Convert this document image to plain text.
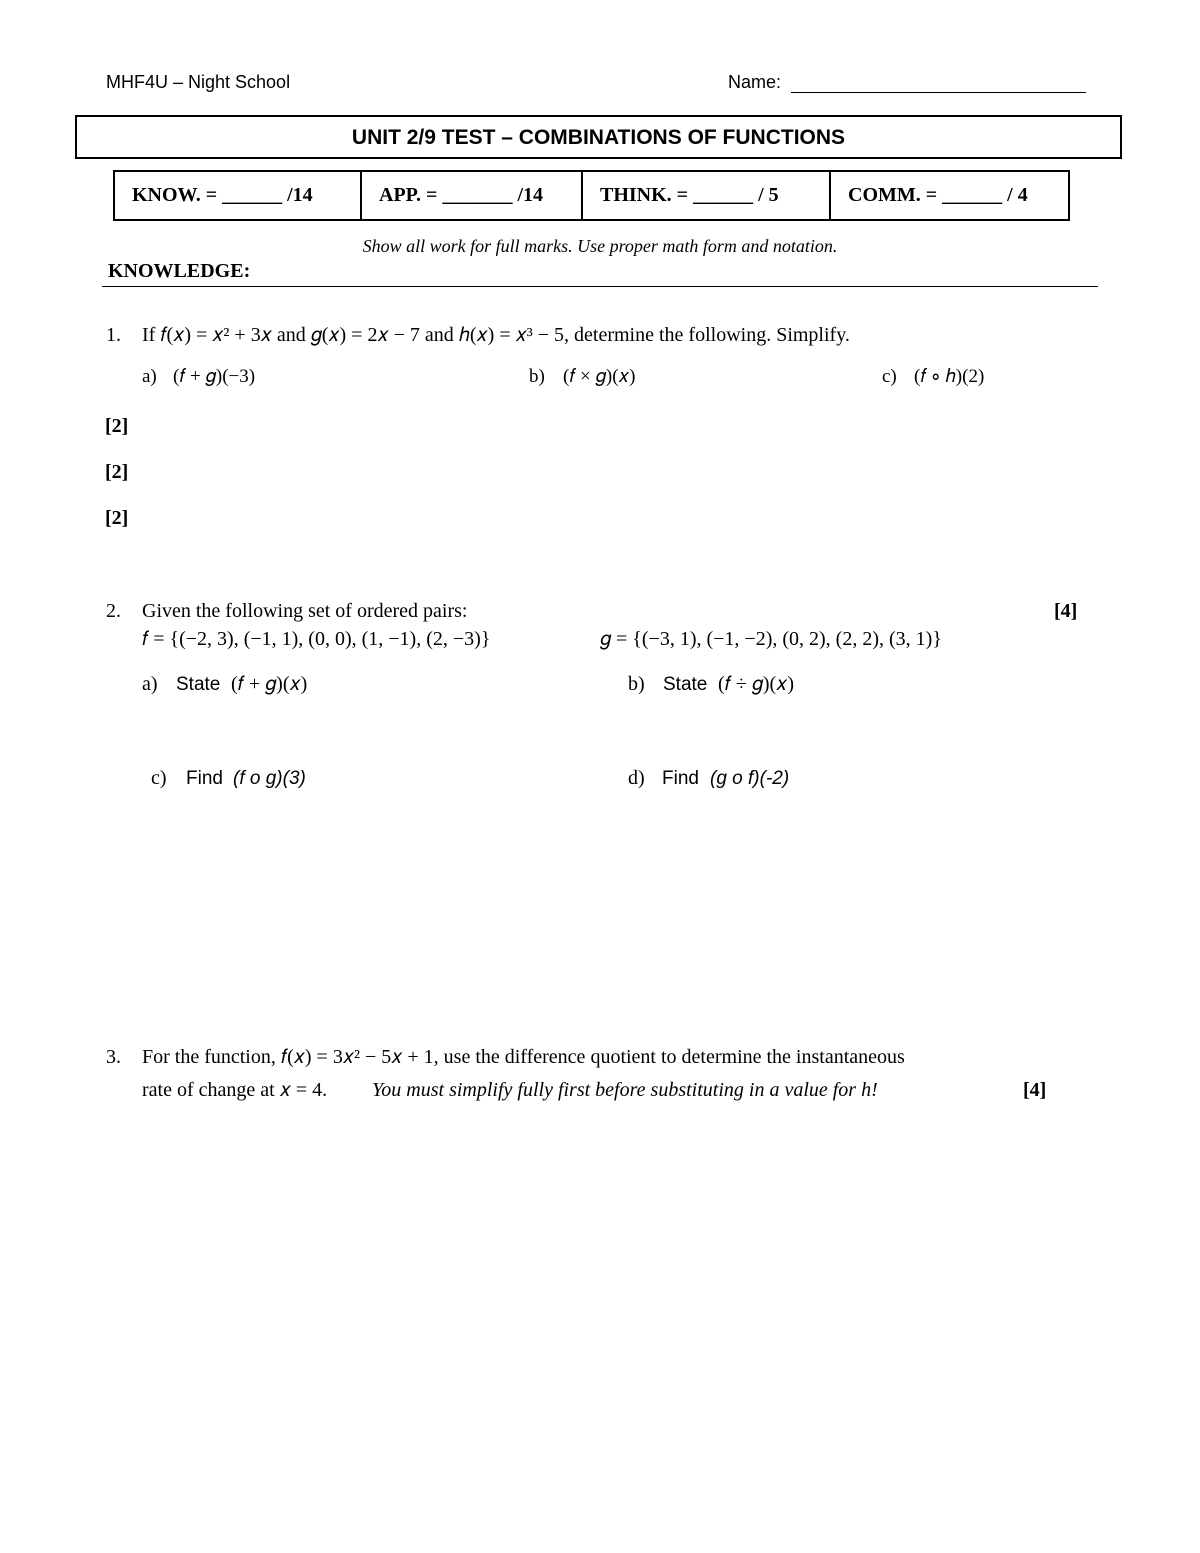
MHF4U – Night School	Name:
UNIT 2/9 TEST – COMBINATIONS OF FUNCTIONS
KNOW. = ______ /14	APP. = _______ /14	THINK. = ______ / 5	COMM. = ______ / 4
Show all work for full marks. Use proper math form and notation.
KNOWLEDGE:
1. If 𝑓(𝑥) = 𝑥² + 3𝑥 and 𝑔(𝑥) = 2𝑥 − 7 and ℎ(𝑥) = 𝑥³ − 5, determine the following. Simplify.
a) (𝑓 + 𝑔)(−3)	b) (𝑓 × 𝑔)(𝑥)	c) (𝑓 ∘ ℎ)(2)
[2]
[2]
[2]
2. Given the following set of ordered pairs:	[4]
𝑓 = {(−2, 3), (−1, 1), (0, 0), (1, −1), (2, −3)}	𝑔 = {(−3, 1), (−1, −2), (0, 2), (2, 2), (3, 1)}
a) State (𝑓 + 𝑔)(𝑥)	b) State (𝑓 ÷ 𝑔)(𝑥)
c) Find (f o g)(3)	d) Find (g o f)(-2)
3. For the function, 𝑓(𝑥) = 3𝑥² − 5𝑥 + 1, use the difference quotient to determine the instantaneous
rate of change at 𝑥 = 4. You must simplify fully first before substituting in a value for h!	[4]
